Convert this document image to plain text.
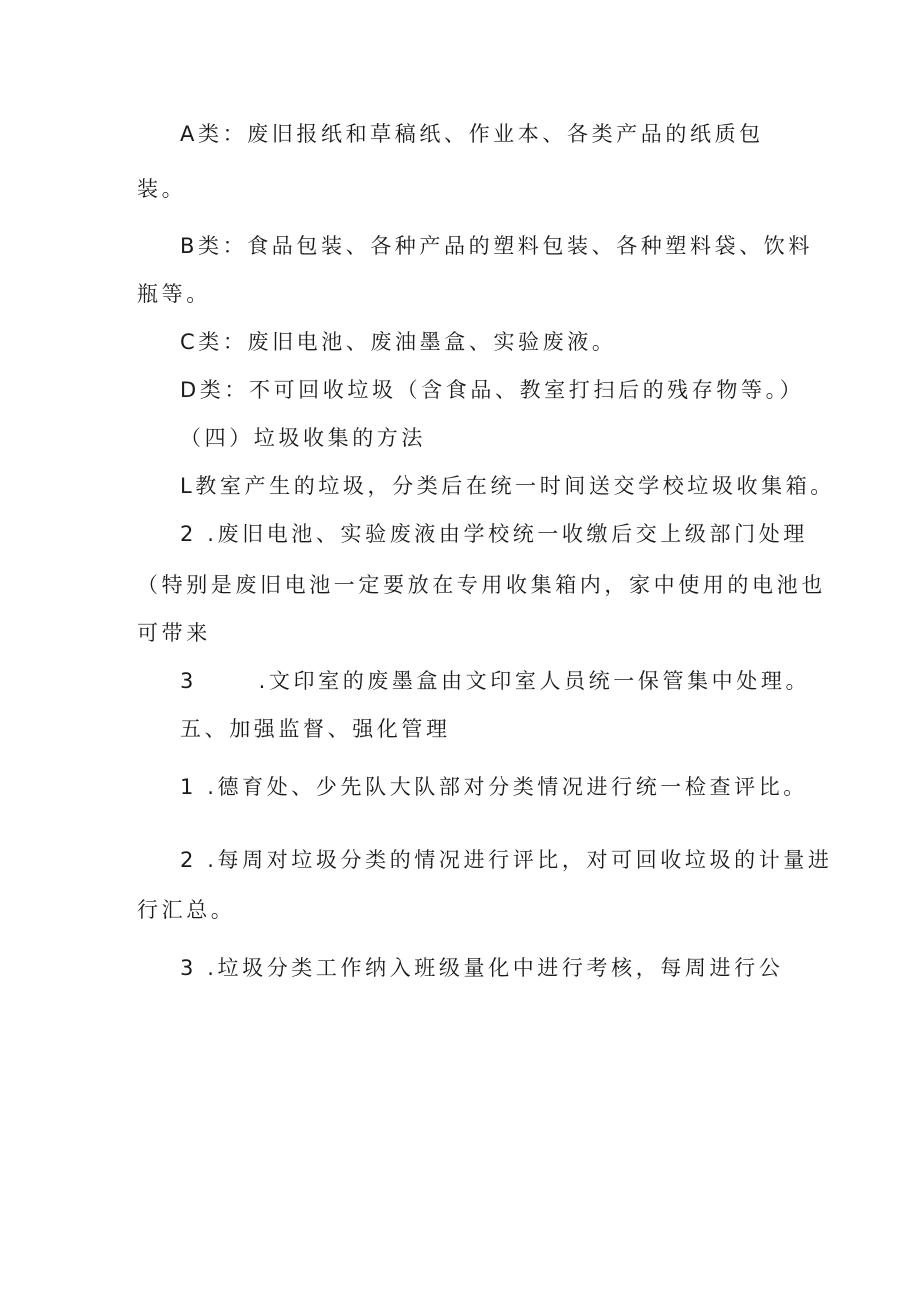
A类：废旧报纸和草稿纸、作业本、各类产品的纸质包
装。
B类：食品包装、各种产品的塑料包装、各种塑料袋、饮料
瓶等。
C类：废旧电池、废油墨盒、实验废液。
D类：不可回收垃圾（含食品、教室打扫后的残存物等。）
（四）垃圾收集的方法
L教室产生的垃圾，分类后在统一时间送交学校垃圾收集箱。
2 .废旧电池、实验废液由学校统一收缴后交上级部门处理
（特别是废旧电池一定要放在专用收集箱内，家中使用的电池也
可带来
3      .文印室的废墨盒由文印室人员统一保管集中处理。
五、加强监督、强化管理
1 .德育处、少先队大队部对分类情况进行统一检查评比。
2 .每周对垃圾分类的情况进行评比，对可回收垃圾的计量进
行汇总。
3 .垃圾分类工作纳入班级量化中进行考核，每周进行公
